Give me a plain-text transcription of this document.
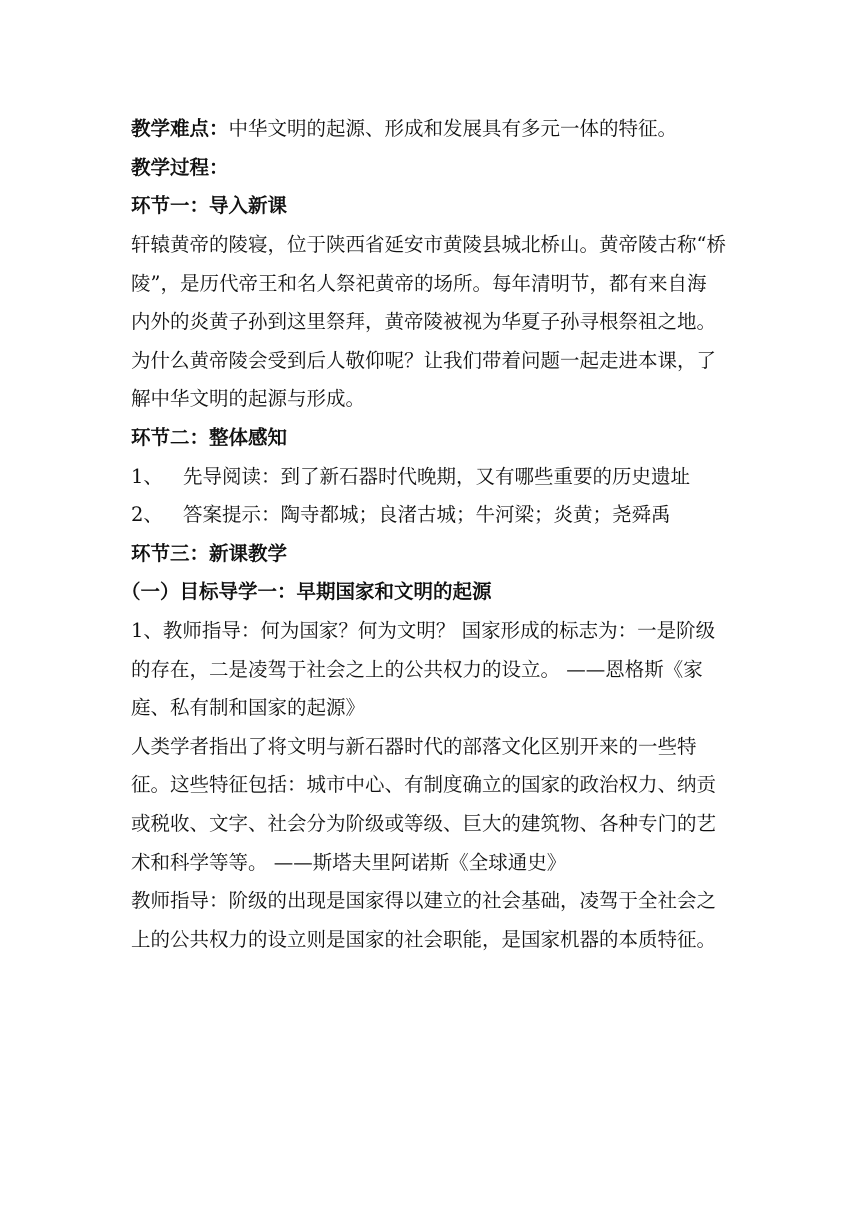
教学难点： 中华文明的起源、形成和发展具有多元一体的特征。
教学过程：
环节一：导入新课
轩辕黄帝的陵寝，位于陕西省延安市黄陵县城北桥山。黄帝陵古称“桥
陵”，是历代帝王和名人祭祀黄帝的场所。每年清明节，都有来自海
内外的炎黄子孙到这里祭拜，黄帝陵被视为华夏子孙寻根祭祖之地。
为什么黄帝陵会受到后人敬仰呢？让我们带着问题一起走进本课，了
解中华文明的起源与形成。
环节二：整体感知
1、	先导阅读：到了新石器时代晚期，又有哪些重要的历史遗址
2、	答案提示：陶寺都城；良渚古城；牛河梁；炎黄；尧舜禹
环节三：新课教学
（一）目标导学一：早期国家和文明的起源
1、教师指导：何为国家？何为文明？ 国家形成的标志为：一是阶级
的存在，二是凌驾于社会之上的公共权力的设立。 ——恩格斯《家
庭、私有制和国家的起源》
人类学者指出了将文明与新石器时代的部落文化区别开来的一些特
征。这些特征包括：城市中心、有制度确立的国家的政治权力、纳贡
或税收、文字、社会分为阶级或等级、巨大的建筑物、各种专门的艺
术和科学等等。 ——斯塔夫里阿诺斯《全球通史》
教师指导：阶级的出现是国家得以建立的社会基础，凌驾于全社会之
上的公共权力的设立则是国家的社会职能，是国家机器的本质特征。
